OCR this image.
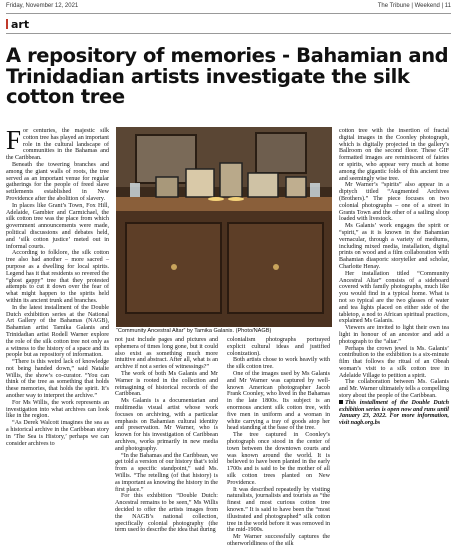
Friday, November 12, 2021	The Tribune | Weekend | 11
art
A repository of memories - Bahamian and Trinidadian artists investigate the silk cotton tree

For centuries, the majestic silk cotton tree has played an important role in the cultural landscape of communities in the Bahamas and the Caribbean.

Beneath the towering branches and among the giant walls of roots, the tree served as an important venue for regular gatherings for the people of freed slave settlements established in New Providence after the abolition of slavery.

In places like Grant’s Town, Fox Hill, Adelaide, Gambier and Carmichael, the silk cotton tree was the place from which government announcements were made, political discussions and debates held, and ‘silk cotton justice’ meted out in informal courts.

According to folklore, the silk cotton tree also had another – more sacred – purpose as a dwelling for local spirits. Legend has it that residents so revered the “ghost gappy” tree that they protested attempts to cut it down over the fear of what might happen to the spirits held within its ancient trunk and branches.

In the latest installment of the Double Dutch exhibition series at the National Art Gallery of the Bahamas (NAGB), Bahamian artist Tamika Galanis and Trinidadian artist Rodell Warner explore the role of the silk cotton tree not only as a witness to the history of a space and its people but as repository of information.

“There is this weird lack of knowledge not being handed down,” said Natalie Willis, the show’s co-curator. “You can think of the tree as something that holds these memories, that holds the spirit. It’s another way to interpret the archive.”

For Ms Willis, the work represents an investigation into what archives can look like in the region.

“As Derek Walcott imagines the sea as a historical archive in the Caribbean story in ‘The Sea is History,’ perhaps we can consider archives to

“Community Ancestral Altar” by Tamika Galanis. (Photo/NAGB)

not just include pages and pictures and ephemera of times long gone, but it could also exist as something much more intuitive and abstract. After all, what is an archive if not a series of witnessings?”

The work of both Ms Galanis and Mr Warner is rooted in the collection and reimagining of historical records of the Caribbean.

Ms Galanis is a documentarian and multimedia visual artist whose work focuses on archiving, with a particular emphasis on Bahamian cultural identity and preservation. Mr Warner, who is known for his investigation of Caribbean archives, works primarily in new media and photography.

“In the Bahamas and the Caribbean, we get told a version of our history that’s told from a specific standpoint,” said Ms. Willis. “The retelling (of that history) is as important as knowing the history in the first place.”

For this exhibition “Double Dutch: Ancestral remains to be seen,” Ms Willis decided to offer the artists images from the NAGB’s national collection, specifically colonial photography (the term used to describe the idea that during

colonialism photographs portrayed explicit cultural ideas and justified colonization).

Both artists chose to work heavily with the silk cotton tree.

One of the images used by Ms Galanis and Mr Warner was captured by well-known American photographer Jacob Frank Coonley, who lived in the Bahamas in the late 1800s. Its subject is an enormous ancient silk cotton tree, with five men in uniform and a woman in white carrying a tray of goods atop her head standing at the base of the tree.

The tree captured in Coonley’s photograph once stood in the center of town between the downtown courts and was known around the world. It is believed to have been planted in the early 1700s and is said to be the mother of all silk cotton trees planted on New Providence.

It was described repeatedly by visiting naturalists, journalists and tourists as “the finest and most curious cotton tree known.” It is said to have been the “most illustrated and photographed” silk cotton tree in the world before it was removed in the mid-1900s.

Mr Warner successfully captures the otherworldliness of the silk

cotton tree with the insertion of fractal digital images in the Coonley photograph, which is digitally projected in the gallery’s Ballroom on the second floor. These GIF formatted images are reminiscent of fairies or spirits, who appear very much at home among the gigantic folds of this ancient tree and seemingly wise tree.

Mr Warner’s “spirits” also appear in a diptych titled “Augmented Archives (Brothers).” The piece focuses on two colonial photographs – one of a street in Grants Town and the other of a sailing sloop loaded with livestock.

Ms Galanis’ work engages the spirit or “spirit,” as it is known in the Bahamian vernacular, through a variety of mediums, including mixed media, installation, digital prints on wood and a film collaboration with Bahamian diasporic storyteller and scholar, Charlotte Henay.

Her installation titled “Community Ancestral Altar” consists of a sideboard covered with family photographs, much like you would find in a typical home. What is not so typical are the two glasses of water and tea lights placed on either side of the tabletop, a nod to African spiritual practices, explained Ms Galanis.

Viewers are invited to light their own tea light in honour of an ancestor and add a photograph to the “altar.”

Perhaps the crown jewel is Ms. Galanis’ contribution to the exhibition is a six-minute film that follows the ritual of an Obeah woman’s visit to a silk cotton tree in Adelaide Village to petition a spirit.

The collaboration between Ms. Galanis and Mr. Warner ultimately tells a compelling story about the people of the Caribbean.

This installment of the Double Dutch exhibition series is open now and runs until January 23, 2022. For more information, visit nagb.org.bs
